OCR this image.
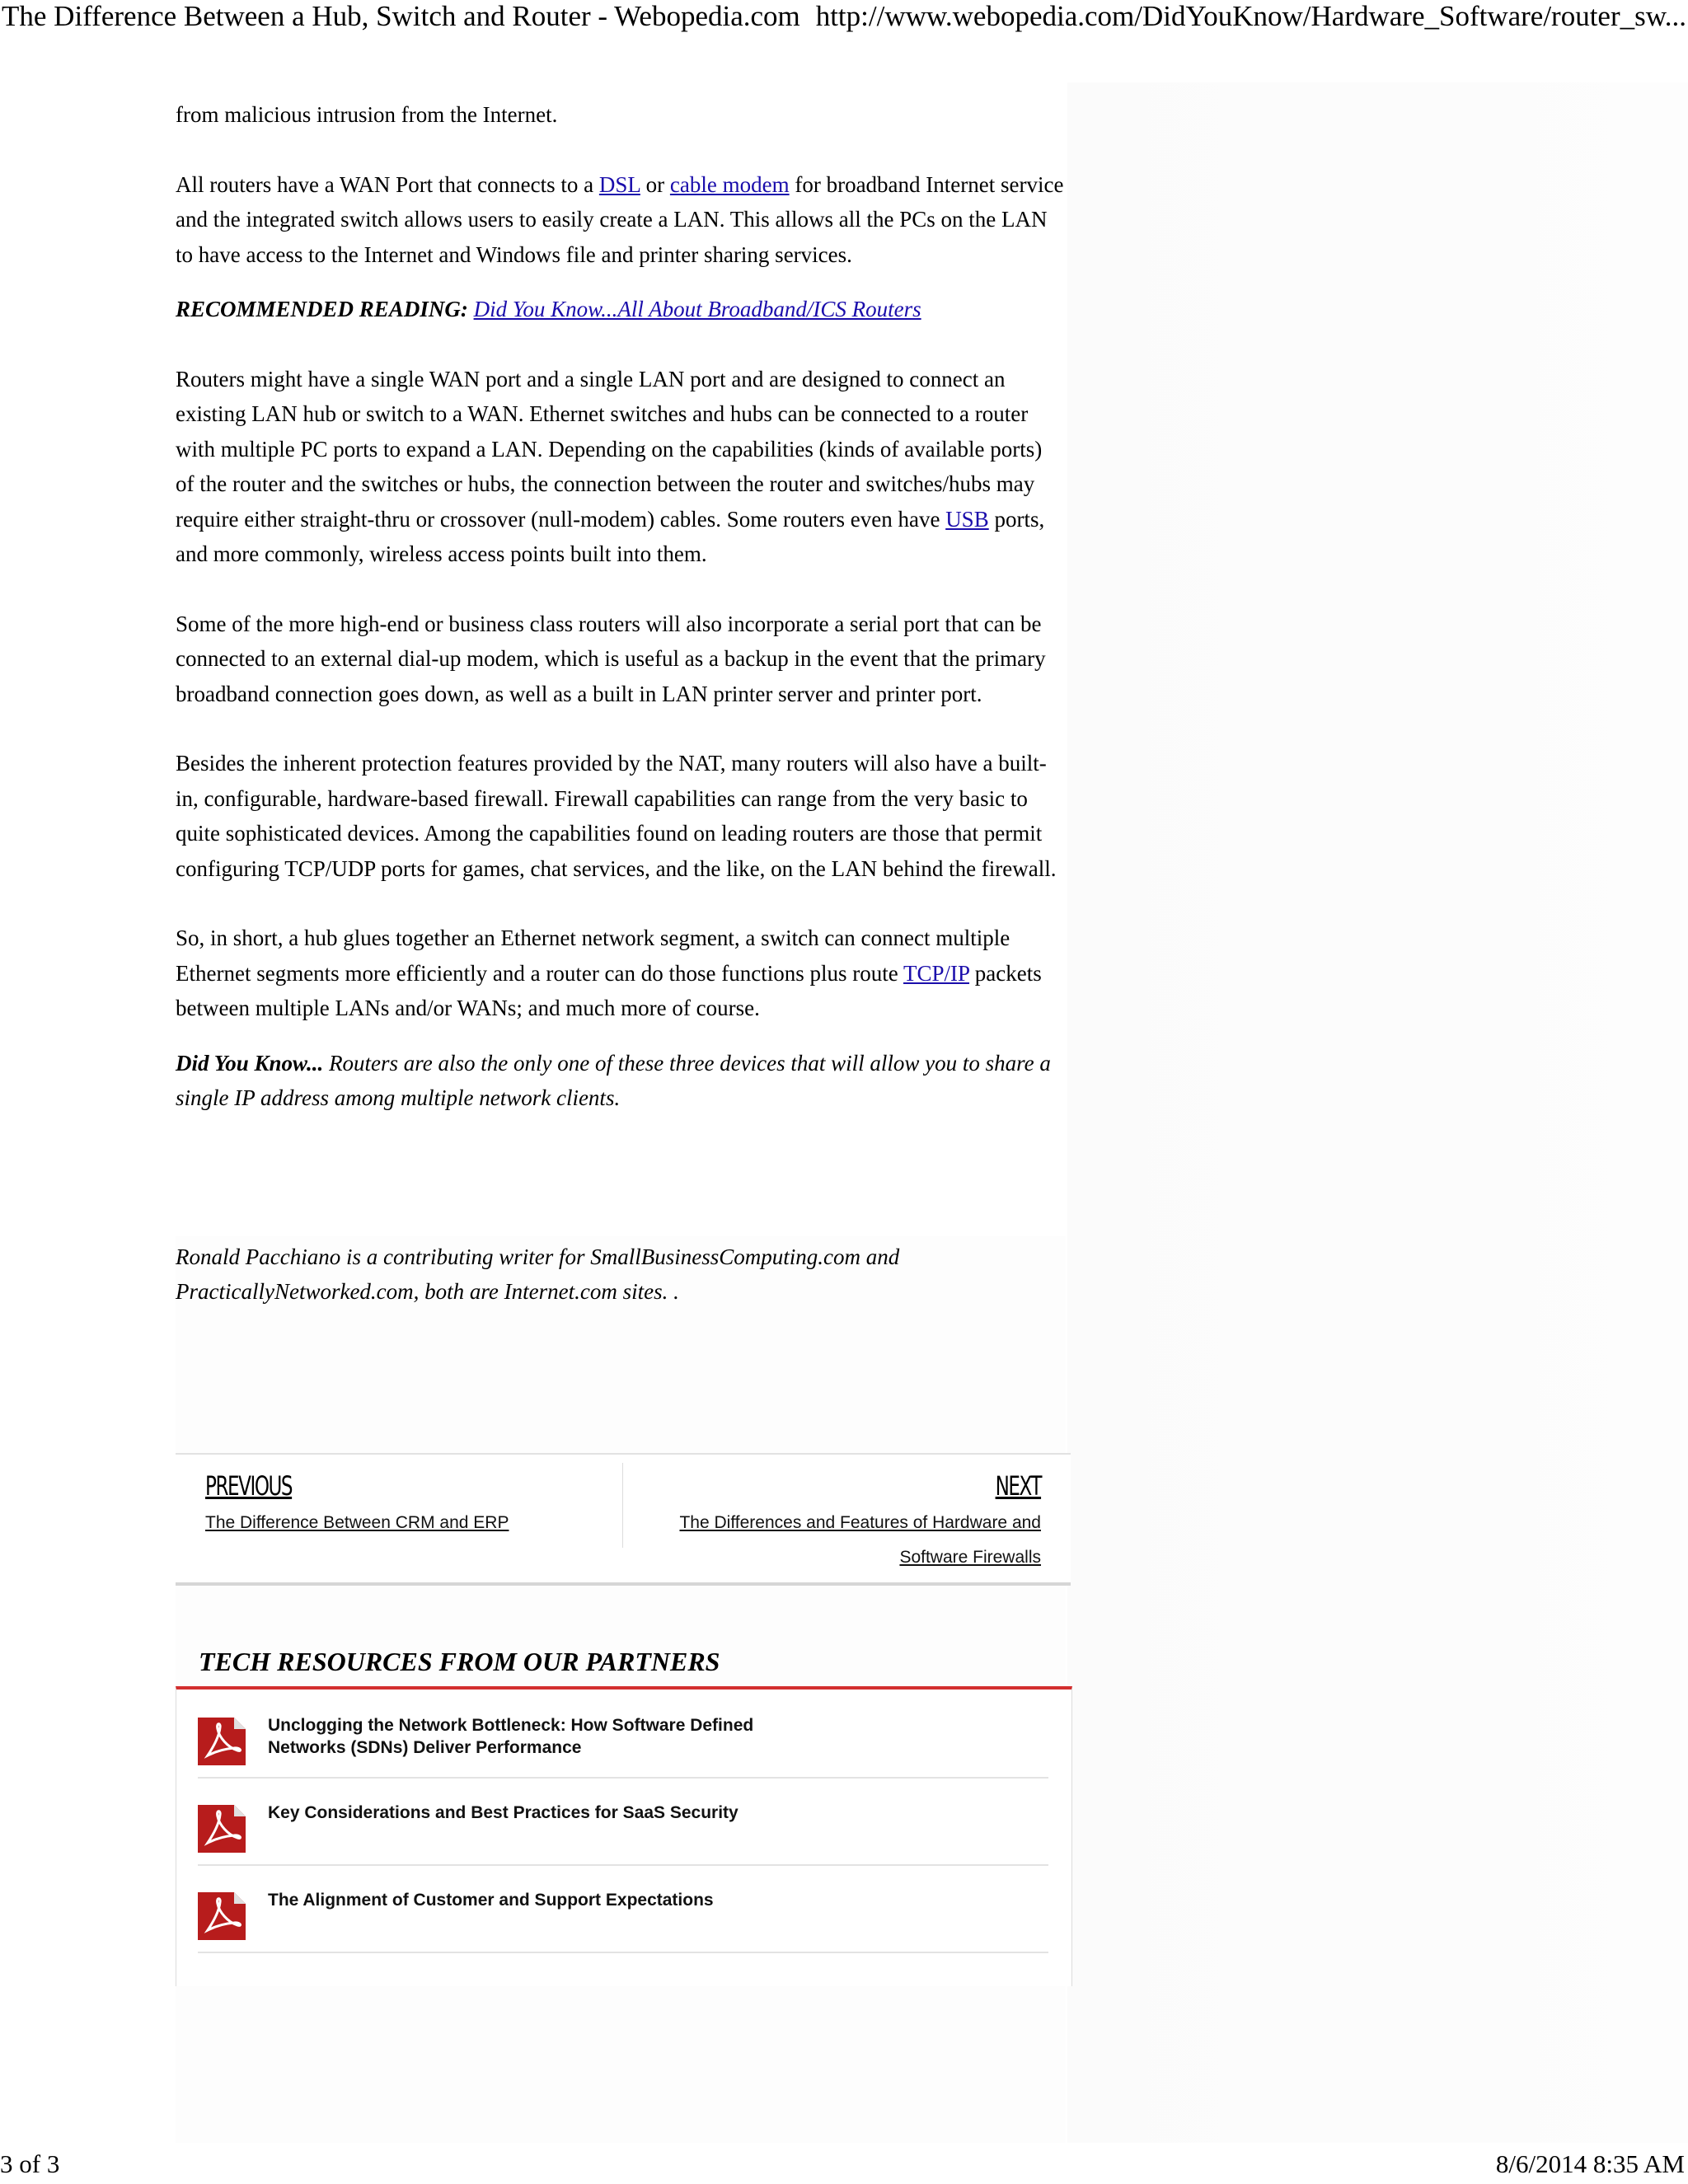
The Difference Between a Hub, Switch and Router - Webopedia.com http://www.webopedia.com/DidYouKnow/Hardware_Software/router_sw...

from malicious intrusion from the Internet.

All routers have a WAN Port that connects to a DSL or cable modem for broadband Internet service and the integrated switch allows users to easily create a LAN. This allows all the PCs on the LAN to have access to the Internet and Windows file and printer sharing services.

RECOMMENDED READING: Did You Know...All About Broadband/ICS Routers

Routers might have a single WAN port and a single LAN port and are designed to connect an existing LAN hub or switch to a WAN. Ethernet switches and hubs can be connected to a router with multiple PC ports to expand a LAN. Depending on the capabilities (kinds of available ports) of the router and the switches or hubs, the connection between the router and switches/hubs may require either straight-thru or crossover (null-modem) cables. Some routers even have USB ports, and more commonly, wireless access points built into them.

Some of the more high-end or business class routers will also incorporate a serial port that can be connected to an external dial-up modem, which is useful as a backup in the event that the primary broadband connection goes down, as well as a built in LAN printer server and printer port.

Besides the inherent protection features provided by the NAT, many routers will also have a built-in, configurable, hardware-based firewall. Firewall capabilities can range from the very basic to quite sophisticated devices. Among the capabilities found on leading routers are those that permit configuring TCP/UDP ports for games, chat services, and the like, on the LAN behind the firewall.

So, in short, a hub glues together an Ethernet network segment, a switch can connect multiple Ethernet segments more efficiently and a router can do those functions plus route TCP/IP packets between multiple LANs and/or WANs; and much more of course.

Did You Know... Routers are also the only one of these three devices that will allow you to share a single IP address among multiple network clients.

Ronald Pacchiano is a contributing writer for SmallBusinessComputing.com and PracticallyNetworked.com, both are Internet.com sites. .

PREVIOUS
The Difference Between CRM and ERP
NEXT
The Differences and Features of Hardware and Software Firewalls
TECH RESOURCES FROM OUR PARTNERS
Unclogging the Network Bottleneck: How Software Defined Networks (SDNs) Deliver Performance
Key Considerations and Best Practices for SaaS Security
The Alignment of Customer and Support Expectations
3 of 3	8/6/2014 8:35 AM
